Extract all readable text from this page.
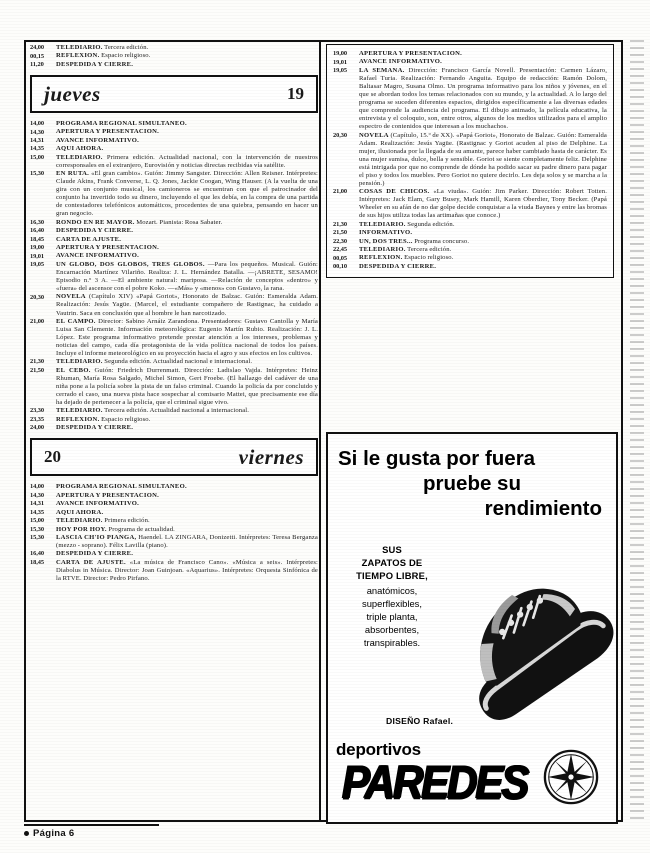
24,00	TELEDIARIO. Tercera edición.
00,15	REFLEXION. Espacio religioso.
11,20	DESPEDIDA Y CIERRE.
jueves	19
14,00	PROGRAMA REGIONAL SIMULTANEO.
14,30	APERTURA Y PRESENTACION.
14,31	AVANCE INFORMATIVO.
14,35	AQUI AHORA.
15,00	TELEDIARIO. Primera edición. Actualidad nacional, con la intervención de nuestros corresponsales en el extranjero, Eurovisión y noticias directas recibidas vía satélite.
15,30	EN RUTA. «El gran cambio». Guión: Jimmy Sangster. Dirección: Allen Reisner. Intérpretes: Claude Akins, Frank Converse, L. Q. Jones, Jackie Coogan, Wing Hauser. (A la vuelta de una gira con un conjunto musical, los camioneros se encuentran con que el patrocinador del conjunto ha invertido todo su dinero, incluyendo el que les debía, en la compra de una partida de contestadores telefónicos automáticos, procedentes de una quiebra, pensando en hacer un gran negocio.
16,30	RONDO EN RE MAYOR. Mozart. Pianista: Rosa Sabater.
16,40	DESPEDIDA Y CIERRE.
18,45	CARTA DE AJUSTE.
19,00	APERTURA Y PRESENTACION.
19,01	AVANCE INFORMATIVO.
19,05	UN GLOBO, DOS GLOBOS, TRES GLOBOS. —Para los pequeños. Musical. Guión: Encarnación Martínez Vilariño. Realiza: J. L. Hernández Batalla. —¡ABRETE, SESAMO! Episodio n.º 3 A. —El ambiente natural: mariposa. —Relación de conceptos «dentro» y «fuera» del ascensor con el pobre Koko. —«Más» y «menos» con Gustavo, la rana.
20,30	NOVELA (Capítulo XIV) «Papá Goriot», Honorato de Balzac. Guión: Esmeralda Adam. Realización: Jesús Yagüe. (Marcel, el estudiante compañero de Rastignac, ha cuidado a Vautrin. Saca en conclusión que al hombre le han narcotizado.
21,00	EL CAMPO. Director: Sabino Arnáiz Zarandona. Presentadores: Gustavo Cantolla y María Luisa San Clemente. Información meteorológica: Eugenio Martín Rubio. Realización: J. L. López. Este programa informativo pretende prestar atención a los intereses, problemas y noticias del campo, cada día protagonista de la vida política nacional de todos los países. Incluye el informe meteorológico en su proyección hacia el agro y sus efectos en los cultivos.
21,30	TELEDIARIO. Segunda edición. Actualidad nacional e internacional.
21,50	EL CEBO. Guión: Friedrich Durrenmatt. Dirección: Ladislao Vajda. Intérpretes: Heinz Rhuman, María Rosa Salgado, Michel Simon, Gert Froebe. (El hallazgo del cadáver de una niña pone a la policía sobre la pista de un falso criminal. Cuando la policía da por concluido y cerrado el caso, una nueva pista hace sospechar al comisario Mattei, que precisamente ese día ha dejado de pertenecer a la policía, que el criminal sigue vivo.
23,30	TELEDIARIO. Tercera edición. Actualidad nacional a internacional.
23,35	REFLEXION. Espacio religioso.
24,00	DESPEDIDA Y CIERRE.
20	viernes
14,00	PROGRAMA REGIONAL SIMULTANEO.
14,30	APERTURA Y PRESENTACION.
14,31	AVANCE INFORMATIVO.
14,35	AQUI AHORA.
15,00	TELEDIARIO. Primera edición.
15,30	HOY POR HOY. Programa de actualidad.
15,30	LASCIA CH'IO PIANGA, Haendel. LA ZINGARA, Donizetti. Intérpretes: Teresa Berganza (mezzo - soprano). Félix Lavilla (piano).
16,40	DESPEDIDA Y CIERRE.
18,45	CARTA DE AJUSTE. «La música de Francisco Cano». «Música a seis». Intérpretes: Diabolus in Música. Director: Joan Guinjoan. «Aquarius». Intérpretes: Orquesta Sinfónica de la RTVE. Director: Pedro Pirfano.
19,00	APERTURA Y PRESENTACION.
19,01	AVANCE INFORMATIVO.
19,05	LA SEMANA. Dirección: Francisco García Novell. Presentación: Carmen Lázaro, Rafael Turia. Realización: Fernando Anguita. Equipo de redacción: Ramón Dolom, Baltasar Magro, Susana Olmo. Un programa informativo para los niños y jóvenes, en el que se abordan todos los temas relacionados con su mundo, y la actualidad. A lo largo del programa se suceden diferentes espacios, dirigidos específicamente a las diversas edades que comprende la audiencia del programa. El dibujo animado, la película educativa, la entrevista y el coloquio, son, entre otros, algunos de los medios utilizados para el amplio espectro de contenidos que interesan a los muchachos.
20,30	NOVELA (Capítulo, 15.º de XX). «Papá Goriot», Honorato de Balzac. Guión: Esmeralda Adam. Realización: Jesús Yagüe. (Rastignac y Goriot acuden al piso de Delphine. La mujer, ilusionada por la llegada de su amante, parece haber cambiado hasta de carácter. Es una mujer sumisa, dulce, bella y sensible. Goriot se siente completamente feliz. Delphine está intrigada por que no comprende de dónde ha podido sacar su padre dinero para pagar el piso y todos los muebles. Pero Goriot no quiere decirlo. Les deja solos y se marcha a la pensión.)
21,00	COSAS DE CHICOS. «La viuda». Guión: Jim Parker. Dirección: Robert Totten. Intérpretes: Jack Elam, Gary Busey, Mark Hamill, Karen Oberdier, Tony Becker. (Papá Wheeler en su afán de no dar golpe decide conquistar a la viuda Baynes y entre las bromas de sus hijos utiliza todas las artimañas que conoce.)
21,30	TELEDIARIO. Segunda edición.
21,50	INFORMATIVO.
22,30	UN, DOS TRES... Programa concurso.
22,45	TELEDIARIO. Tercera edición.
00,05	REFLEXION. Espacio religioso.
00,10	DESPEDIDA Y CIERRE.
Si le gusta por fuera
pruebe su
rendimiento
SUS
ZAPATOS DE
TIEMPO LIBRE,
anatómicos,
superflexibles,
triple planta,
absorbentes,
transpirables.
DISEÑO Rafael.
deportivos
PAREDES
Página 6
